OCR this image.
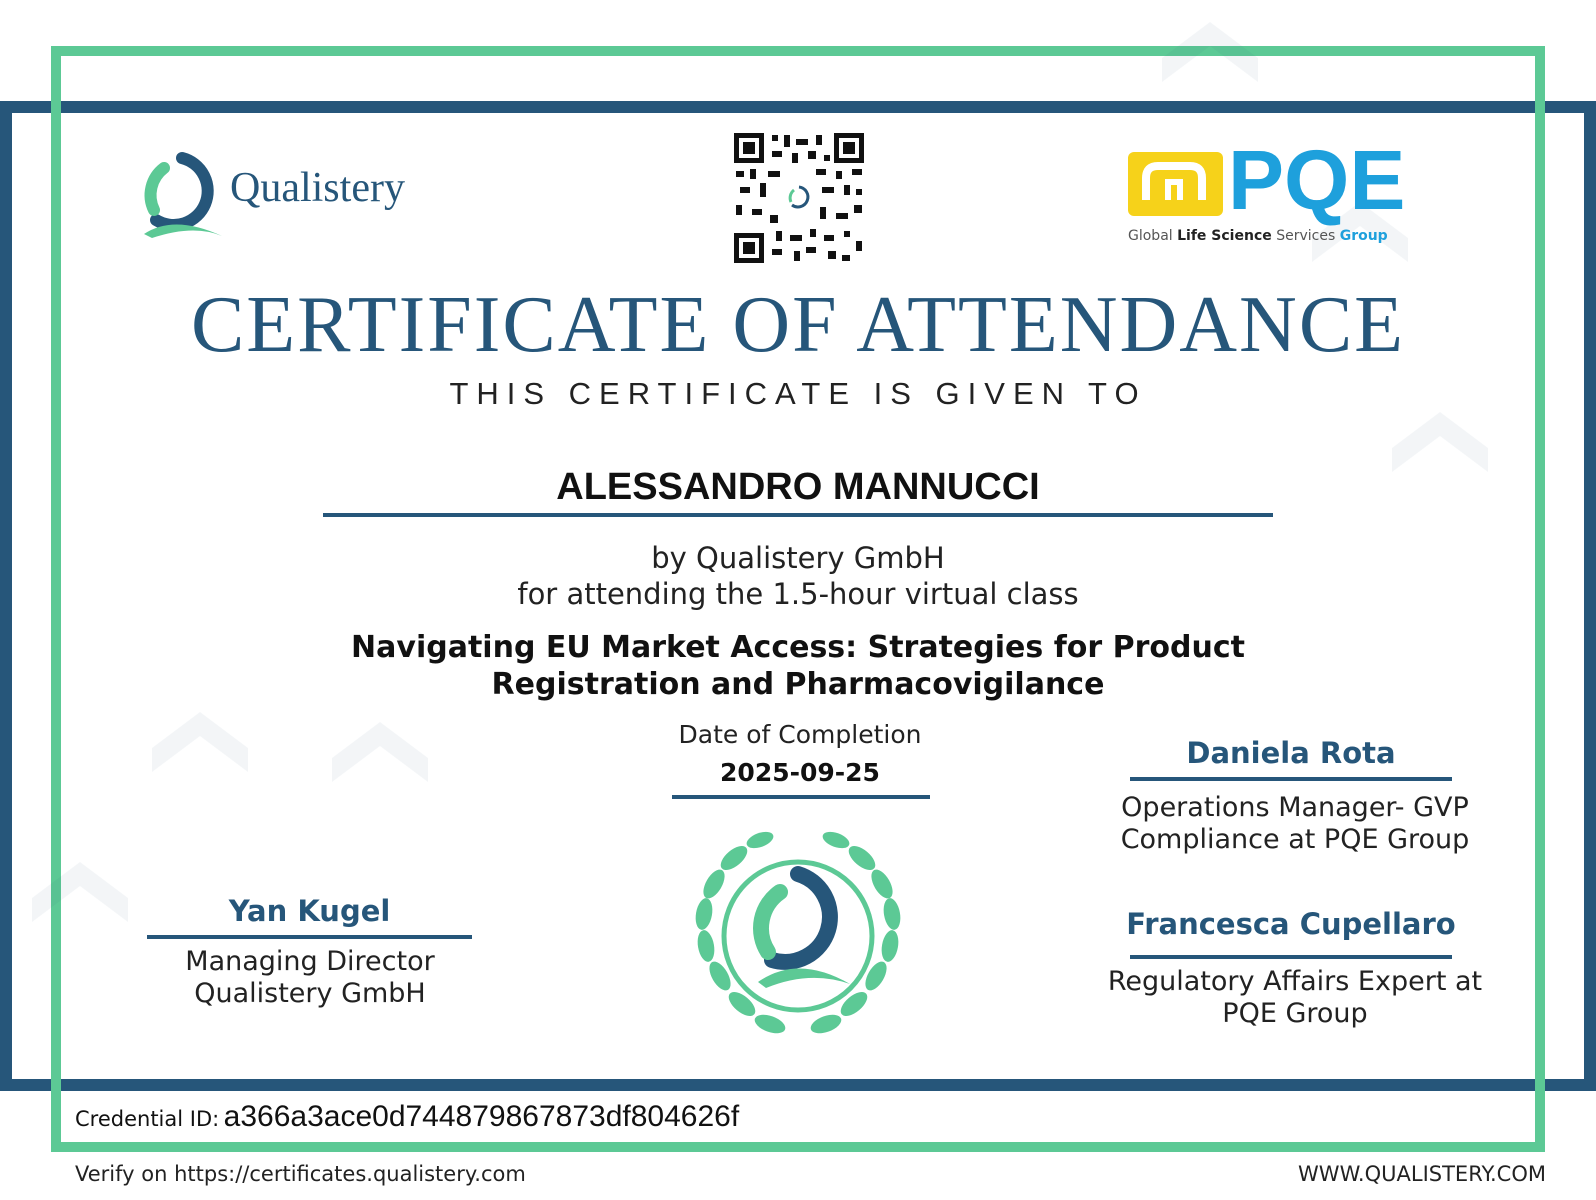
Qualistery	PQE
Global Life Science Services Group
CERTIFICATE OF ATTENDANCE
THIS CERTIFICATE IS GIVEN TO
ALESSANDRO MANNUCCI
by Qualistery GmbH
for attending the 1.5-hour virtual class
Navigating EU Market Access: Strategies for Product
Registration and Pharmacovigilance
Date of Completion
2025-09-25
Yan Kugel
Managing Director
Qualistery GmbH
Daniela Rota
Operations Manager- GVP
Compliance at PQE Group
Francesca Cupellaro
Regulatory Affairs Expert at
PQE Group
Credential ID: a366a3ace0d744879867873df804626f
Verify on https://certificates.qualistery.com	WWW.QUALISTERY.COM
